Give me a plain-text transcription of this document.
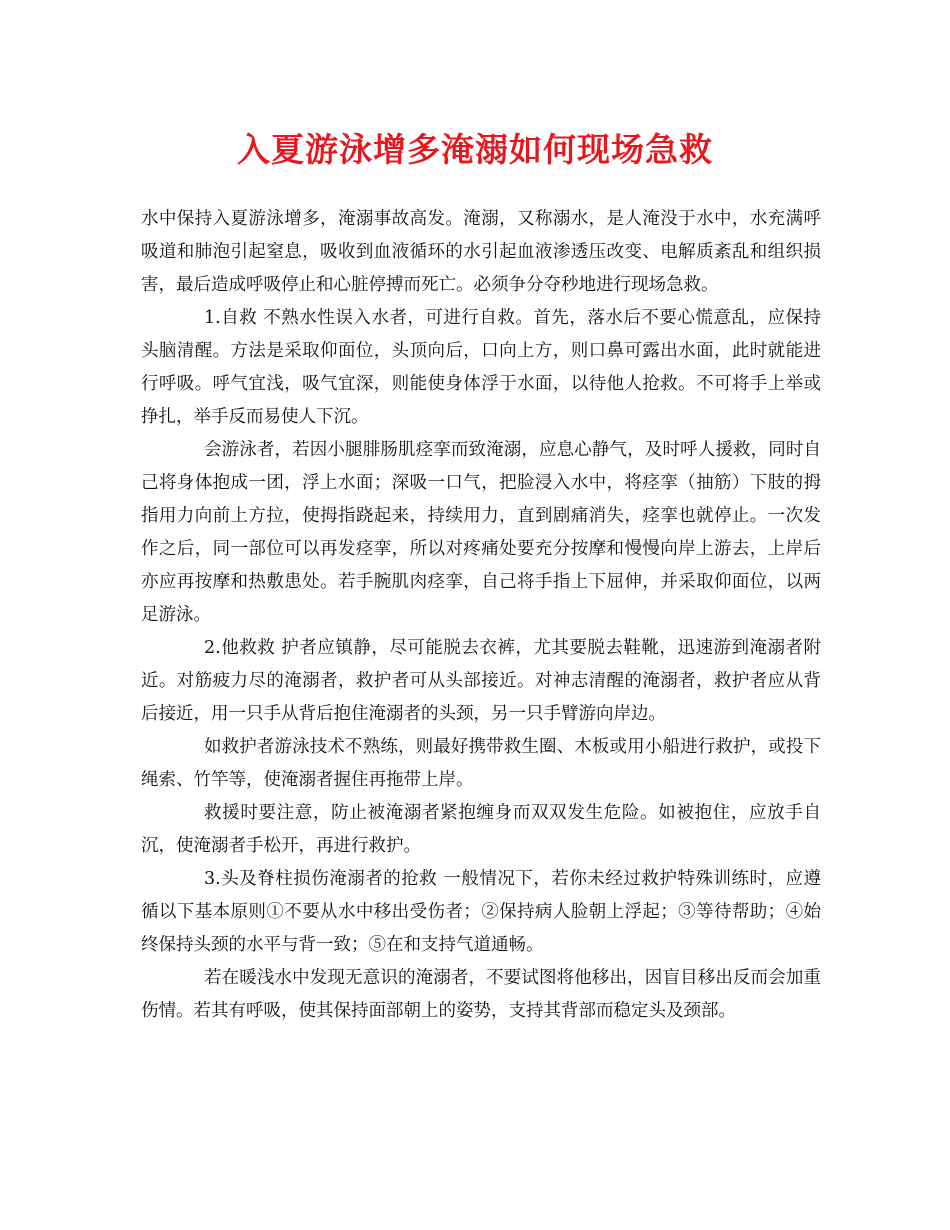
入夏游泳增多淹溺如何现场急救

水中保持入夏游泳增多，淹溺事故高发。淹溺，又称溺水，是人淹没于水中，水充满呼吸道和肺泡引起窒息，吸收到血液循环的水引起血液渗透压改变、电解质紊乱和组织损害，最后造成呼吸停止和心脏停搏而死亡。必须争分夺秒地进行现场急救。

1.自救 不熟水性误入水者，可进行自救。首先，落水后不要心慌意乱，应保持头脑清醒。方法是采取仰面位，头顶向后，口向上方，则口鼻可露出水面，此时就能进行呼吸。呼气宜浅，吸气宜深，则能使身体浮于水面，以待他人抢救。不可将手上举或挣扎，举手反而易使人下沉。

会游泳者，若因小腿腓肠肌痉挛而致淹溺，应息心静气，及时呼人援救，同时自己将身体抱成一团，浮上水面；深吸一口气，把脸浸入水中，将痉挛（抽筋）下肢的拇指用力向前上方拉，使拇指跷起来，持续用力，直到剧痛消失，痉挛也就停止。一次发作之后，同一部位可以再发痉挛，所以对疼痛处要充分按摩和慢慢向岸上游去，上岸后亦应再按摩和热敷患处。若手腕肌肉痉挛，自己将手指上下屈伸，并采取仰面位，以两足游泳。

2.他救救 护者应镇静，尽可能脱去衣裤，尤其要脱去鞋靴，迅速游到淹溺者附近。对筋疲力尽的淹溺者，救护者可从头部接近。对神志清醒的淹溺者，救护者应从背后接近，用一只手从背后抱住淹溺者的头颈，另一只手臂游向岸边。

如救护者游泳技术不熟练，则最好携带救生圈、木板或用小船进行救护，或投下绳索、竹竿等，使淹溺者握住再拖带上岸。

救援时要注意，防止被淹溺者紧抱缠身而双双发生危险。如被抱住，应放手自沉，使淹溺者手松开，再进行救护。

3.头及脊柱损伤淹溺者的抢救 一般情况下，若你未经过救护特殊训练时，应遵循以下基本原则①不要从水中移出受伤者；②保持病人脸朝上浮起；③等待帮助；④始终保持头颈的水平与背一致；⑤在和支持气道通畅。

若在暖浅水中发现无意识的淹溺者，不要试图将他移出，因盲目移出反而会加重伤情。若其有呼吸，使其保持面部朝上的姿势，支持其背部而稳定头及颈部。
